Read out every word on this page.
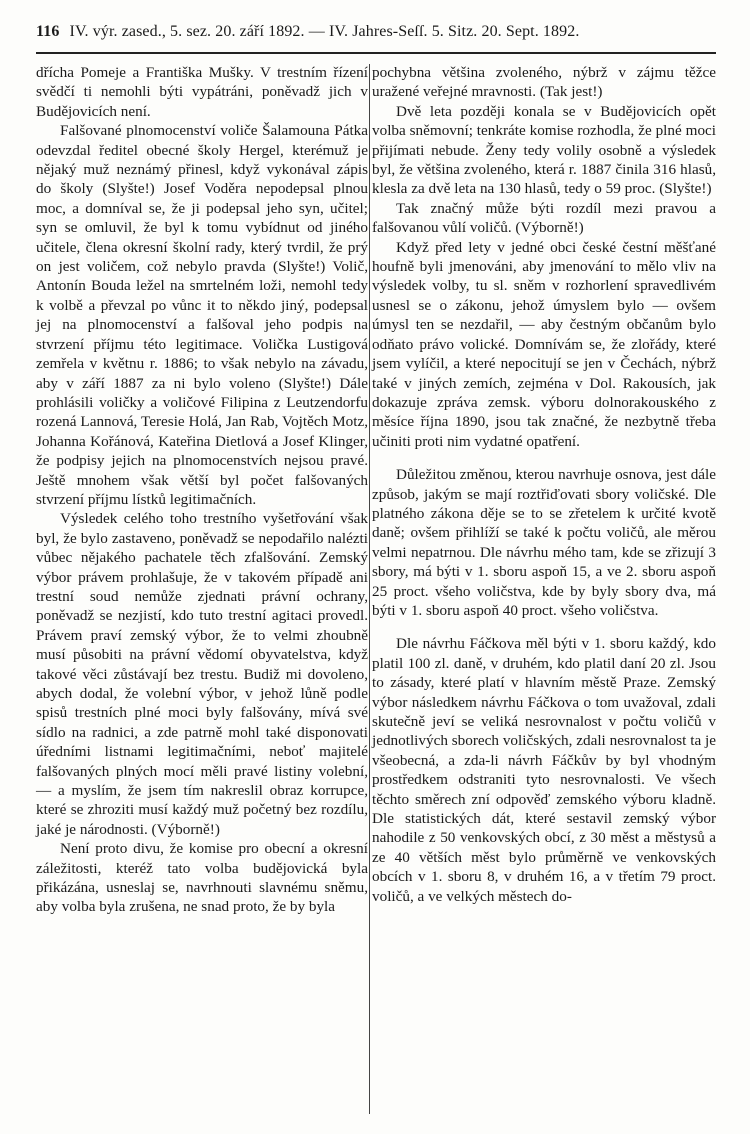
116 IV. výr. zased., 5. sez. 20. září 1892. — IV. Jahres-Seſſ. 5. Sitz. 20. Sept. 1892.

dřícha Pomeje a Františka Mušky. V trestním řízení svědčí ti nemohli býti vypátráni, poněvadž jich v Budějovicích není.

Falšované plnomocenství voliče Šalamouna Pátka odevzdal ředitel obecné školy Hergel, kterémuž je nějaký muž neznámý přinesl, když vykonával zápis do školy (Slyšte!) Josef Voděra nepodepsal plnou moc, a domníval se, že ji podepsal jeho syn, učitel; syn se omluvil, že byl k tomu vybídnut od jiného učitele, člena okresní školní rady, který tvrdil, že prý on jest voličem, což nebylo pravda (Slyšte!) Volič, Antonín Bouda ležel na smrtelném loži, nemohl tedy k volbě a převzal po vůnc it to někdo jiný, podepsal jej na plnomocenství a falšoval jeho podpis na stvrzení příjmu této legitimace. Volička Lustigová zemřela v květnu r. 1886; to však nebylo na závadu, aby v září 1887 za ni bylo voleno (Slyšte!) Dále prohlásili voličky a voličové Filipina z Leutzendorfu rozená Lannová, Teresie Holá, Jan Rab, Vojtěch Motz, Johanna Kořánová, Kateřina Dietlová a Josef Klinger, že podpisy jejich na plnomocenstvích nejsou pravé. Ještě mnohem však větší byl počet falšovaných stvrzení příjmu lístků legitimačních.

Výsledek celého toho trestního vyšetřování však byl, že bylo zastaveno, poněvadž se nepodařilo nalézti vůbec nějakého pachatele těch zfalšování. Zemský výbor právem prohlašuje, že v takovém případě ani trestní soud nemůže zjednati právní ochrany, poněvadž se nezjistí, kdo tuto trestní agitaci provedl. Právem praví zemský výbor, že to velmi zhoubně musí působiti na právní vědomí obyvatelstva, když takové věci zůstávají bez trestu. Budiž mi dovoleno, abych dodal, že volební výbor, v jehož lůně podle spisů trestních plné moci byly falšovány, mívá své sídlo na radnici, a zde patrně mohl také disponovati úředními listnami legitimačními, neboť majitelé falšovaných plných mocí měli pravé listiny volební, — a myslím, že jsem tím nakreslil obraz korrupce, které se zhroziti musí každý muž početný bez rozdílu, jaké je národnosti. (Výborně!)

Není proto divu, že komise pro obecní a okresní záležitosti, kteréž tato volba budějovická byla přikázána, usneslaj se, navrhnouti slavnému sněmu, aby volba byla zrušena, ne snad proto, že by byla

pochybna většina zvoleného, nýbrž v zájmu těžce uražené veřejné mravnosti. (Tak jest!)

Dvě leta později konala se v Budějovicích opět volba sněmovní; tenkráte komise rozhodla, že plné moci přijímati nebude. Ženy tedy volily osobně a výsledek byl, že většina zvoleného, která r. 1887 činila 316 hlasů, klesla za dvě leta na 130 hlasů, tedy o 59 proc. (Slyšte!)

Tak značný může býti rozdíl mezi pravou a falšovanou vůlí voličů. (Výborně!)

Když před lety v jedné obci české čestní měšťané houfně byli jmenováni, aby jmenování to mělo vliv na výsledek volby, tu sl. sněm v rozhorlení spravedlivém usnesl se o zákonu, jehož úmyslem bylo — ovšem úmysl ten se nezdařil, — aby čestným občanům bylo odňato právo volické. Domnívám se, že zlořády, které jsem vylíčil, a které nepocitují se jen v Čechách, nýbrž také v jiných zemích, zejména v Dol. Rakousích, jak dokazuje zpráva zemsk. výboru dolnorakouského z měsíce října 1890, jsou tak značné, že nezbytně třeba učiniti proti nim vydatné opatření.

Důležitou změnou, kterou navrhuje osnova, jest dále způsob, jakým se mají roztřiďovati sbory voličské. Dle platného zákona děje se to se zřetelem k určité kvotě daně; ovšem přihlíží se také k počtu voličů, ale měrou velmi nepatrnou. Dle návrhu mého tam, kde se zřizují 3 sbory, má býti v 1. sboru aspoň 15, a ve 2. sboru aspoň 25 proct. všeho voličstva, kde by byly sbory dva, má býti v 1. sboru aspoň 40 proct. všeho voličstva.

Dle návrhu Fáčkova měl býti v 1. sboru každý, kdo platil 100 zl. daně, v druhém, kdo platil daní 20 zl. Jsou to zásady, které platí v hlavním městě Praze. Zemský výbor následkem návrhu Fáčkova o tom uvažoval, zdali skutečně jeví se veliká nesrovnalost v počtu voličů v jednotlivých sborech voličských, zdali nesrovnalost ta je všeobecná, a zda-li návrh Fáčkův by byl vhodným prostředkem odstraniti tyto nesrovnalosti. Ve všech těchto směrech zní odpověď zemského výboru kladně. Dle statistických dát, které sestavil zemský výbor nahodile z 50 venkovských obcí, z 30 měst a městysů a ze 40 větších měst bylo průměrně ve venkovských obcích v 1. sboru 8, v druhém 16, a v třetím 79 proct. voličů, a ve velkých městech do-
